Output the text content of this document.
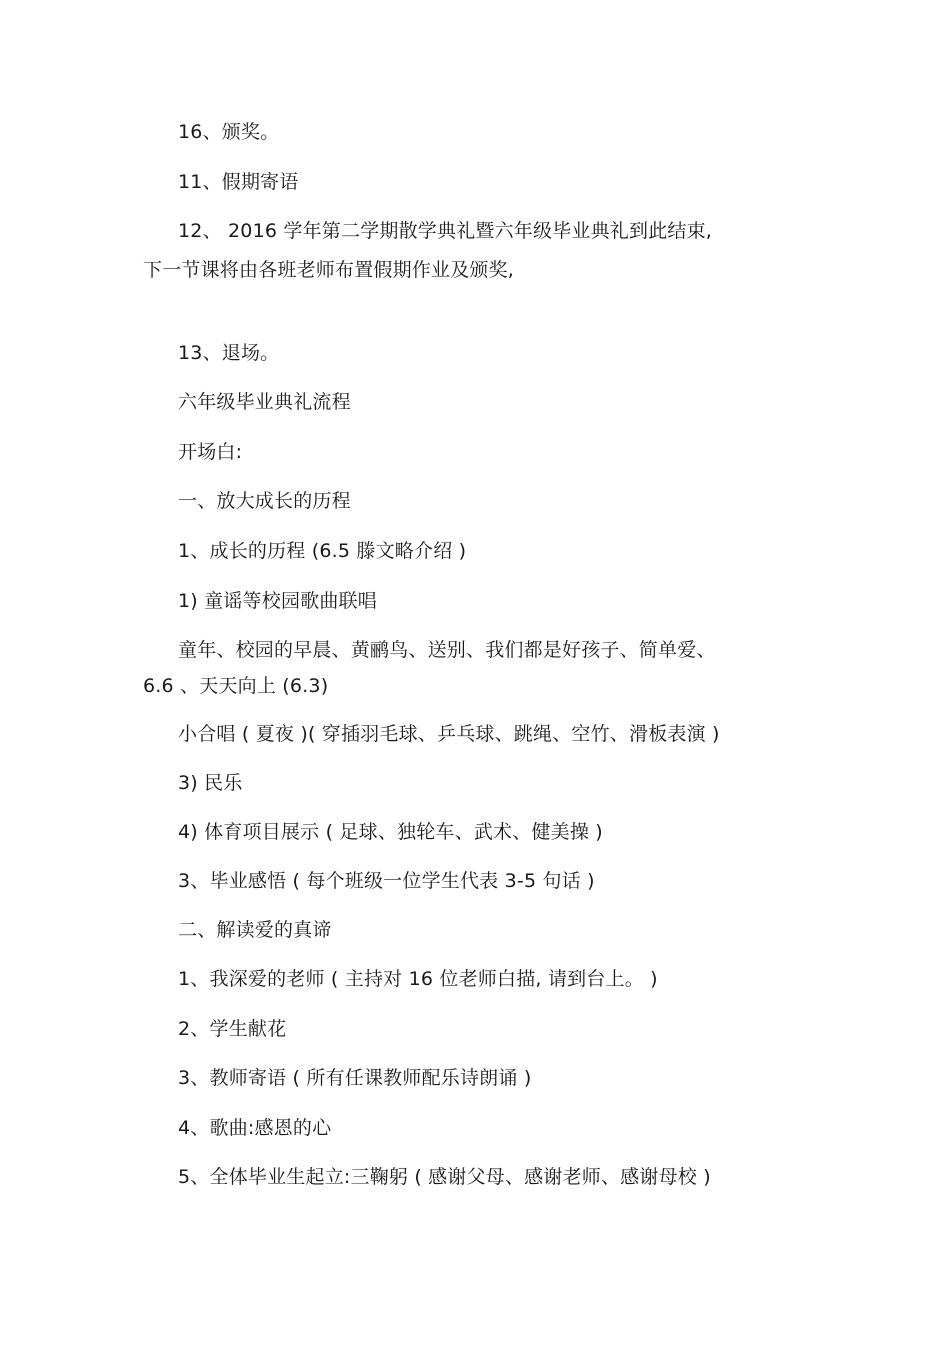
16、颁奖。
11、假期寄语
12、 2016 学年第二学期散学典礼暨六年级毕业典礼到此结束,
下一节课将由各班老师布置假期作业及颁奖,
13、退场。
六年级毕业典礼流程
开场白:
一、放大成长的历程
1、成长的历程 (6.5 滕文略介绍 )
1) 童谣等校园歌曲联唱
童年、校园的早晨、黄鹂鸟、送别、我们都是好孩子、简单爱、
6.6 、天天向上 (6.3)
小合唱 ( 夏夜 )( 穿插羽毛球、乒乓球、跳绳、空竹、滑板表演 )
3) 民乐
4) 体育项目展示 ( 足球、独轮车、武术、健美操 )
3、毕业感悟 ( 每个班级一位学生代表 3-5 句话 )
二、解读爱的真谛
1、我深爱的老师 ( 主持对 16 位老师白描, 请到台上。 )
2、学生献花
3、教师寄语 ( 所有任课教师配乐诗朗诵 )
4、歌曲:感恩的心
5、全体毕业生起立:三鞠躬 ( 感谢父母、感谢老师、感谢母校 )
